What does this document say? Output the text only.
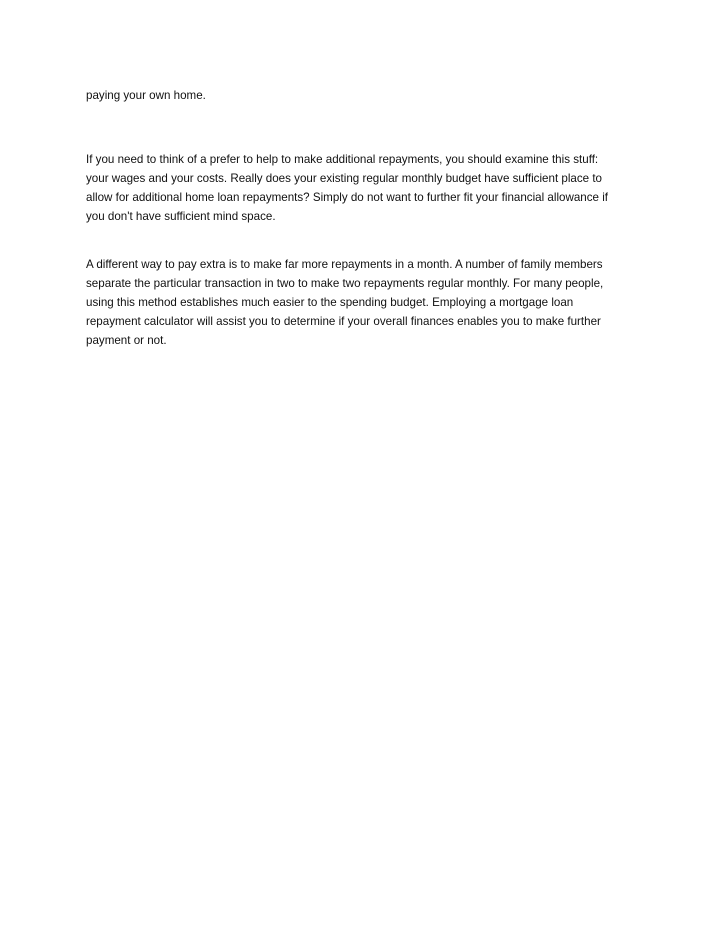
paying your own home.

If you need to think of a prefer to help to make additional repayments, you should examine this stuff:
your wages and your costs. Really does your existing regular monthly budget have sufficient place to
allow for additional home loan repayments? Simply do not want to further fit your financial allowance if
you don't have sufficient mind space.

A different way to pay extra is to make far more repayments in a month. A number of family members
separate the particular transaction in two to make two repayments regular monthly. For many people,
using this method establishes much easier to the spending budget. Employing a mortgage loan
repayment calculator will assist you to determine if your overall finances enables you to make further
payment or not.
